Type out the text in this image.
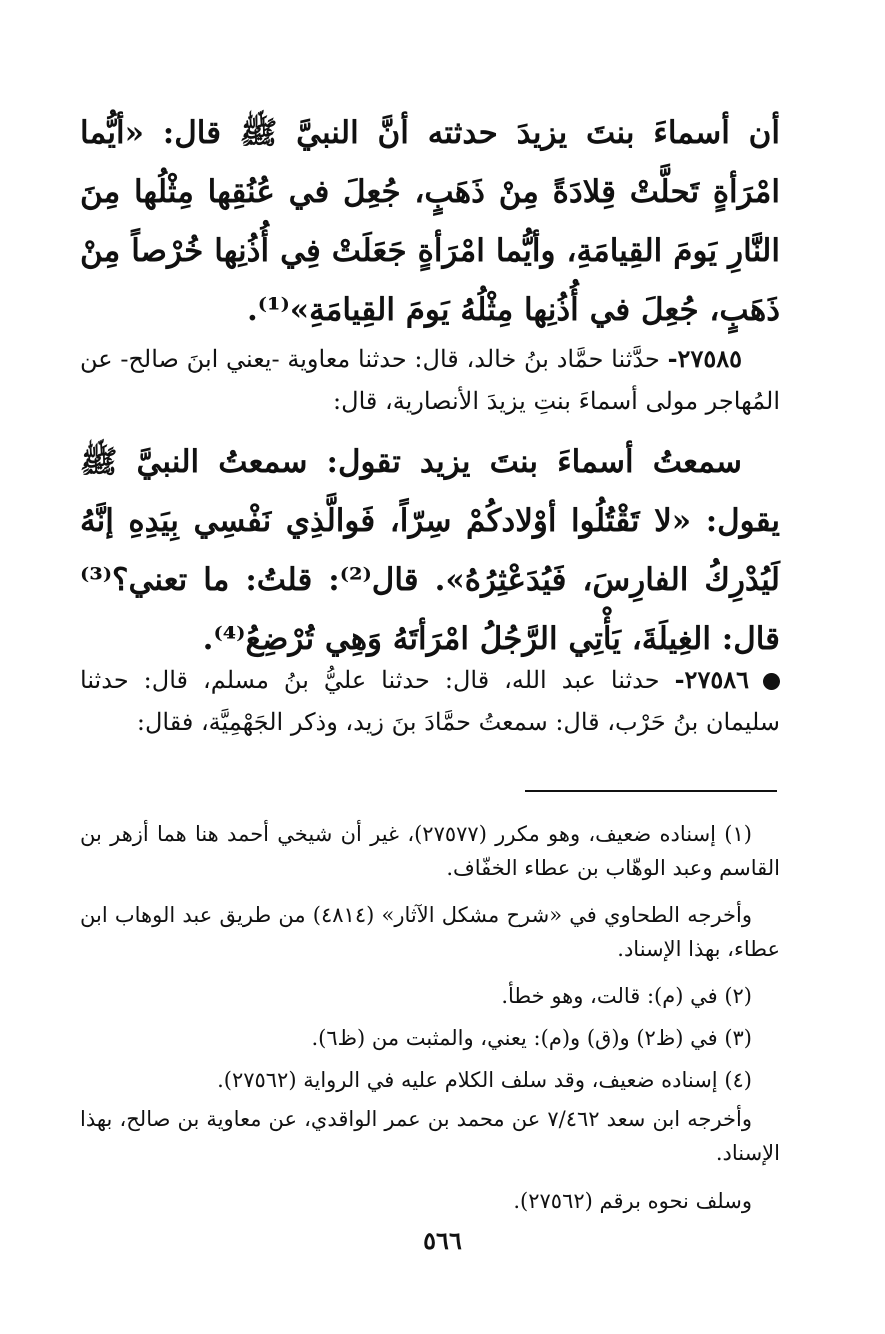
أن أسماءَ بنتَ يزيدَ حدثته أنَّ النبيَّ ﷺ قال: «أيُّما امْرَأةٍ تَحلَّتْ قِلادَةً مِنْ ذَهَبٍ، جُعِلَ في عُنُقِها مِثْلُها مِنَ النَّارِ يَومَ القِيامَةِ، وأيُّما امْرَأةٍ جَعَلَتْ فِي أُذُنِها خُرْصاً مِنْ ذَهَبٍ، جُعِلَ في أُذُنِها مِثْلُهُ يَومَ القِيامَةِ»⁽¹⁾.

٢٧٥٨٥- حدَّثنا حمَّاد بنُ خالد، قال: حدثنا معاوية -يعني ابنَ صالح- عن المُهاجر مولى أسماءَ بنتِ يزيدَ الأنصارية، قال:

سمعتُ أسماءَ بنتَ يزيد تقول: سمعتُ النبيَّ ﷺ يقول: «لا تَقْتُلُوا أوْلادكُمْ سِرّاً، فَوالَّذِي نَفْسِي بِيَدِهِ إنَّهُ لَيُدْرِكُ الفارِسَ، فَيُدَعْثِرُهُ». قال⁽²⁾: قلتُ: ما تعني؟⁽³⁾ قال: الغِيلَةَ، يَأْتِي الرَّجُلُ امْرَأتَهُ وَهِي تُرْضِعُ⁽⁴⁾.

٢٧٥٨٦- حدثنا عبد الله، قال: حدثنا عليُّ بنُ مسلم، قال: حدثنا سليمان بنُ حَرْب، قال: سمعتُ حمَّادَ بنَ زيد، وذكر الجَهْمِيَّة، فقال:

(١) إسناده ضعيف، وهو مكرر (٢٧٥٧٧)، غير أن شيخي أحمد هنا هما أزهر بن القاسم وعبد الوهّاب بن عطاء الخفّاف.

وأخرجه الطحاوي في «شرح مشكل الآثار» (٤٨١٤) من طريق عبد الوهاب ابن عطاء، بهذا الإسناد.

(٢) في (م): قالت، وهو خطأ.

(٣) في (ظ٢) و(ق) و(م): يعني، والمثبت من (ظ٦).

(٤) إسناده ضعيف، وقد سلف الكلام عليه في الرواية (٢٧٥٦٢).

وأخرجه ابن سعد ٧/٤٦٢ عن محمد بن عمر الواقدي، عن معاوية بن صالح، بهذا الإسناد.

وسلف نحوه برقم (٢٧٥٦٢).

٥٦٦
